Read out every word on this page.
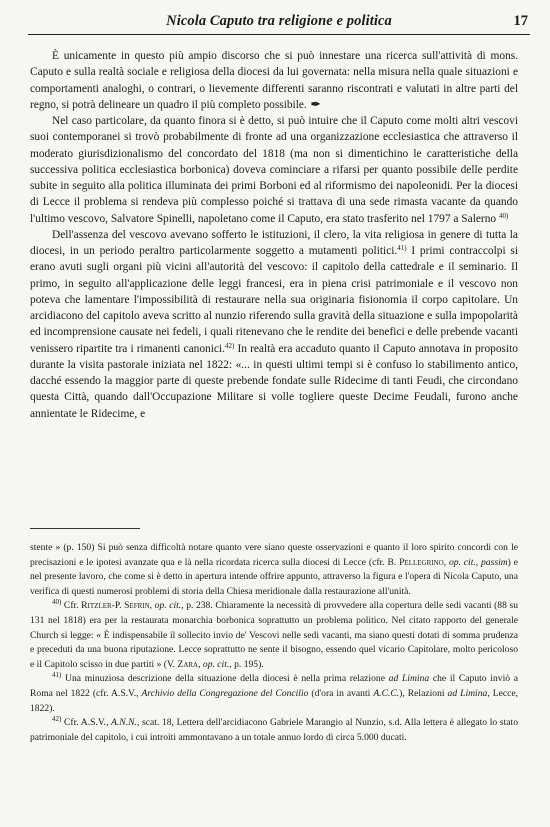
Nicola Caputo tra religione e politica	17

È unicamente in questo più ampio discorso che si può innestare una ricerca sull'attività di mons. Caputo e sulla realtà sociale e religiosa della diocesi da lui governata: nella misura nella quale situazioni e comportamenti analoghi, o contrari, o lievemente differenti saranno riscontrati e valutati in altre parti del regno, si potrà delineare un quadro il più completo possibile. ✒

Nel caso particolare, da quanto finora si è detto, si può intuire che il Caputo come molti altri vescovi suoi contemporanei si trovò probabilmente di fronte ad una organizzazione ecclesiastica che attraverso il moderato giurisdizionalismo del concordato del 1818 (ma non si dimentichino le caratteristiche della successiva politica ecclesiastica borbonica) doveva cominciare a rifarsi per quanto possibile delle perdite subite in seguito alla politica illuminata dei primi Borboni ed al riformismo dei napoleonidi. Per la diocesi di Lecce il problema si rendeva più complesso poiché si trattava di una sede rimasta vacante da quando l'ultimo vescovo, Salvatore Spinelli, napoletano come il Caputo, era stato trasferito nel 1797 a Salerno $^{40)}$

Dell'assenza del vescovo avevano sofferto le istituzioni, il clero, la vita religiosa in genere di tutta la diocesi, in un periodo peraltro particolarmente soggetto a mutamenti politici.$^{41)}$ I primi contraccolpi si erano avuti sugli organi più vicini all'autorità del vescovo: il capitolo della cattedrale e il seminario. Il primo, in seguito all'applicazione delle leggi francesi, era in piena crisi patrimoniale e il vescovo non poteva che lamentare l'impossibilità di restaurare nella sua originaria fisionomia il corpo capitolare. Un arcidiacono del capitolo aveva scritto al nunzio riferendo sulla gravità della situazione e sulla impopolarità ed incomprensione causate nei fedeli, i quali ritenevano che le rendite dei benefici e delle prebende vacanti venissero ripartite tra i rimanenti canonici.$^{42)}$ In realtà era accaduto quanto il Caputo annotava in proposito durante la visita pastorale iniziata nel 1822: «... in questi ultimi tempi si è confuso lo stabilimento antico, dacché essendo la maggior parte di queste prebende fondate sulle Ridecime di tanti Feudi, che circondano questa Città, quando dall'Occupazione Militare si volle togliere queste Decime Feudali, furono anche annientate le Ridecime, e

stente » (p. 150) Si può senza difficoltà notare quanto vere siano queste osservazioni e quanto il loro spirito concordi con le precisazioni e le ipotesi avanzate qua e là nella ricordata ricerca sulla diocesi di Lecce (cfr. B. Pellegrino, op. cit., passim) e nel presente lavoro, che come si è detto in apertura intende offrire appunto, attraverso la figura e l'opera di Nicola Caputo, una verifica di questi numerosi problemi di storia della Chiesa meridionale dalla restaurazione all'unità.

$^{40)}$ Cfr. Ritzler-P. Sefrin, op. cit., p. 238. Chiaramente la necessità di provvedere alla copertura delle sedi vacanti (88 su 131 nel 1818) era per la restaurata monarchia borbonica soprattutto un problema politico. Nel citato rapporto del generale Church si legge: « È indispensabile il sollecito invio de' Vescovi nelle sedi vacanti, ma siano questi dotati di somma prudenza e preceduti da una buona riputazione. Lecce soprattutto ne sente il bisogno, essendo quel vicario Capitolare, molto pericoloso e il Capitolo scisso in due partiti » (V. Zara, op. cit., p. 195).

$^{41)}$ Una minuziosa descrizione della situazione della diocesi è nella prima relazione ad Limina che il Caputo inviò a Roma nel 1822 (cfr. A.S.V., Archivio della Congregazione del Concilio (d'ora in avanti A.C.C.), Relazioni ad Limina, Lecce, 1822).

$^{42)}$ Cfr. A.S.V., A.N.N., scat. 18, Lettera dell'arcidiacono Gabriele Marangio al Nunzio, s.d. Alla lettera è allegato lo stato patrimoniale del capitolo, i cui introiti ammontavano a un totale annuo lordo di circa 5.000 ducati.
